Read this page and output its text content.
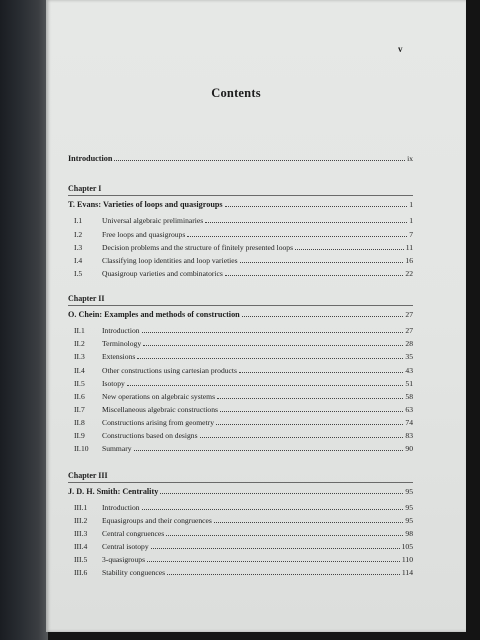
v
Contents
Introduction	ix
Chapter I
T. Evans: Varieties of loops and quasigroups	1
I.1	Universal algebraic preliminaries	1
I.2	Free loops and quasigroups	7
I.3	Decision problems and the structure of finitely presented loops	11
I.4	Classifying loop identities and loop varieties	16
I.5	Quasigroup varieties and combinatorics	22
Chapter II
O. Chein: Examples and methods of construction	27
II.1	Introduction	27
II.2	Terminology	28
II.3	Extensions	35
II.4	Other constructions using cartesian products	43
II.5	Isotopy	51
II.6	New operations on algebraic systems	58
II.7	Miscellaneous algebraic constructions	63
II.8	Constructions arising from geometry	74
II.9	Constructions based on designs	83
II.10	Summary	90
Chapter III
J. D. H. Smith: Centrality	95
III.1	Introduction	95
III.2	Equasigroups and their congruences	95
III.3	Central congruences	98
III.4	Central isotopy	105
III.5	3-quasigroups	110
III.6	Stability conguences	114
